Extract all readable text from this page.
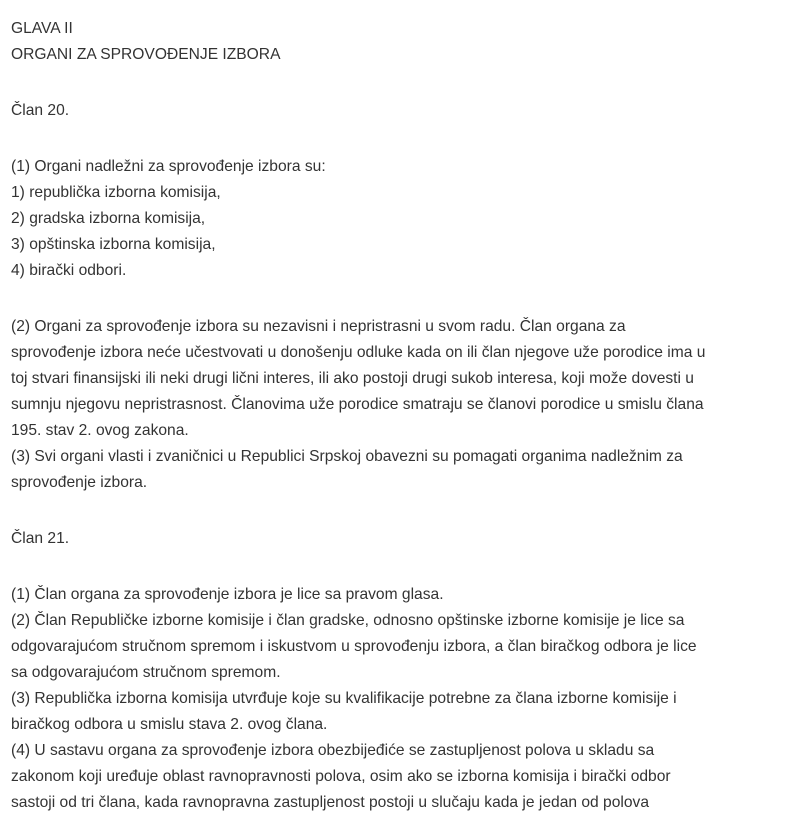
GLAVA II
ORGANI ZA SPROVOĐENJE IZBORA
Član 20.
(1) Organi nadležni za sprovođenje izbora su:
1) republička izborna komisija,
2) gradska izborna komisija,
3) opštinska izborna komisija,
4) birački odbori.
(2) Organi za sprovođenje izbora su nezavisni i nepristrasni u svom radu. Član organa za
sprovođenje izbora neće učestvovati u donošenju odluke kada on ili član njegove uže porodice ima u
toj stvari finansijski ili neki drugi lični interes, ili ako postoji drugi sukob interesa, koji može dovesti u
sumnju njegovu nepristrasnost. Članovima uže porodice smatraju se članovi porodice u smislu člana
195. stav 2. ovog zakona.
(3) Svi organi vlasti i zvaničnici u Republici Srpskoj obavezni su pomagati organima nadležnim za
sprovođenje izbora.
Član 21.
(1) Član organa za sprovođenje izbora je lice sa pravom glasa.
(2) Član Republičke izborne komisije i član gradske, odnosno opštinske izborne komisije je lice sa
odgovarajućom stručnom spremom i iskustvom u sprovođenju izbora, a član biračkog odbora je lice
sa odgovarajućom stručnom spremom.
(3) Republička izborna komisija utvrđuje koje su kvalifikacije potrebne za člana izborne komisije i
biračkog odbora u smislu stava 2. ovog člana.
(4) U sastavu organa za sprovođenje izbora obezbijeđiće se zastupljenost polova u skladu sa
zakonom koji uređuje oblast ravnopravnosti polova, osim ako se izborna komisija i birački odbor
sastoji od tri člana, kada ravnopravna zastupljenost postoji u slučaju kada je jedan od polova
